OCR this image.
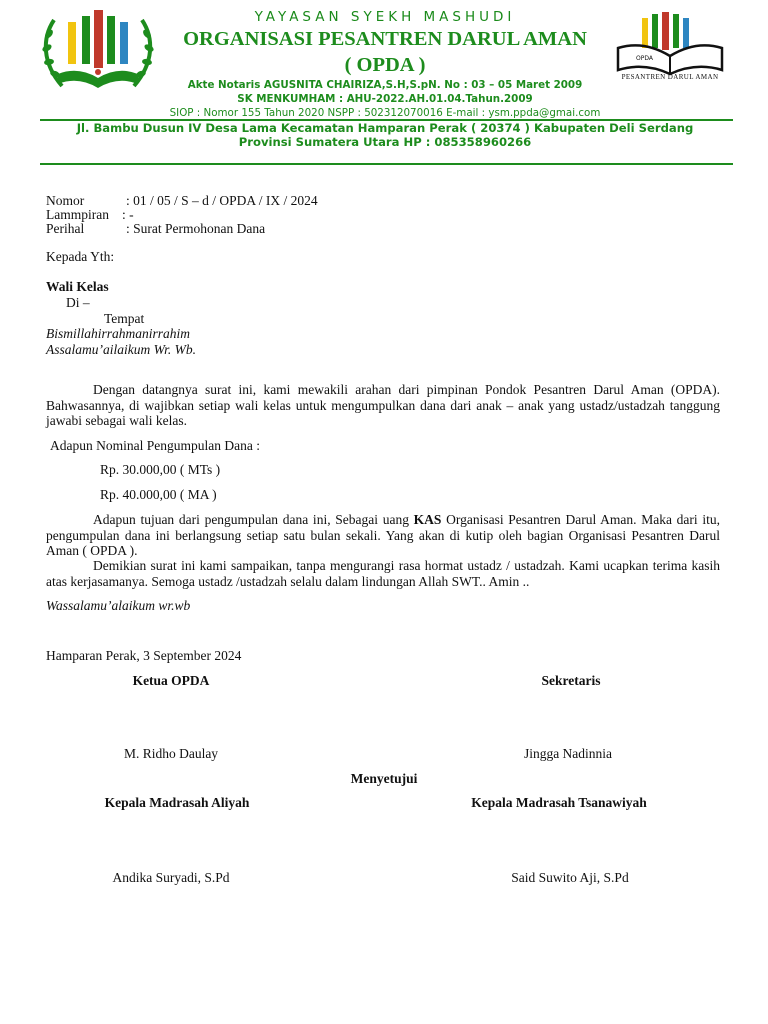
OPDA
PESANTREN DARUL AMAN
YAYASAN SYEKH MASHUDI
ORGANISASI PESANTREN DARUL AMAN
( OPDA )
Akte Notaris AGUSNITA CHAIRIZA,S.H,S.pN. No : 03 – 05 Maret 2009
SK MENKUMHAM : AHU-2022.AH.01.04.Tahun.2009
SIOP : Nomor 155 Tahun 2020 NSPP : 502312070016 E-mail : ysm.ppda@gmai.com
Jl. Bambu Dusun IV Desa Lama Kecamatan Hamparan Perak ( 20374 ) Kabupaten Deli Serdang
Provinsi Sumatera Utara HP : 085358960266
Nomor	: 01 / 05 / S – d / OPDA / IX / 2024
Lammpiran : -
Perihal	: Surat Permohonan Dana
Kepada Yth:
Wali Kelas
Di –
Tempat
Bismillahirrahmanirrahim
Assalamu’ailaikum Wr. Wb.
Dengan datangnya surat ini, kami mewakili arahan dari pimpinan Pondok Pesantren Darul Aman (OPDA). Bahwasannya, di wajibkan setiap wali kelas untuk mengumpulkan dana dari anak – anak yang ustadz/ustadzah tanggung jawabi sebagai wali kelas.
Adapun Nominal Pengumpulan Dana :
Rp. 30.000,00 ( MTs )
Rp. 40.000,00 ( MA )
Adapun tujuan dari pengumpulan dana ini, Sebagai uang KAS Organisasi Pesantren Darul Aman. Maka dari itu, pengumpulan dana ini berlangsung setiap satu bulan sekali. Yang akan di kutip oleh bagian Organisasi Pesantren Darul Aman ( OPDA ).
Demikian surat ini kami sampaikan, tanpa mengurangi rasa hormat ustadz / ustadzah. Kami ucapkan terima kasih atas kerjasamanya. Semoga ustadz /ustadzah selalu dalam lindungan Allah SWT.. Amin ..
Wassalamu’alaikum wr.wb
Hamparan Perak, 3 September 2024
Ketua OPDA	Sekretaris
M. Ridho Daulay	Jingga Nadinnia
Menyetujui
Kepala Madrasah Aliyah	Kepala Madrasah Tsanawiyah
Andika Suryadi, S.Pd	Said Suwito Aji, S.Pd
